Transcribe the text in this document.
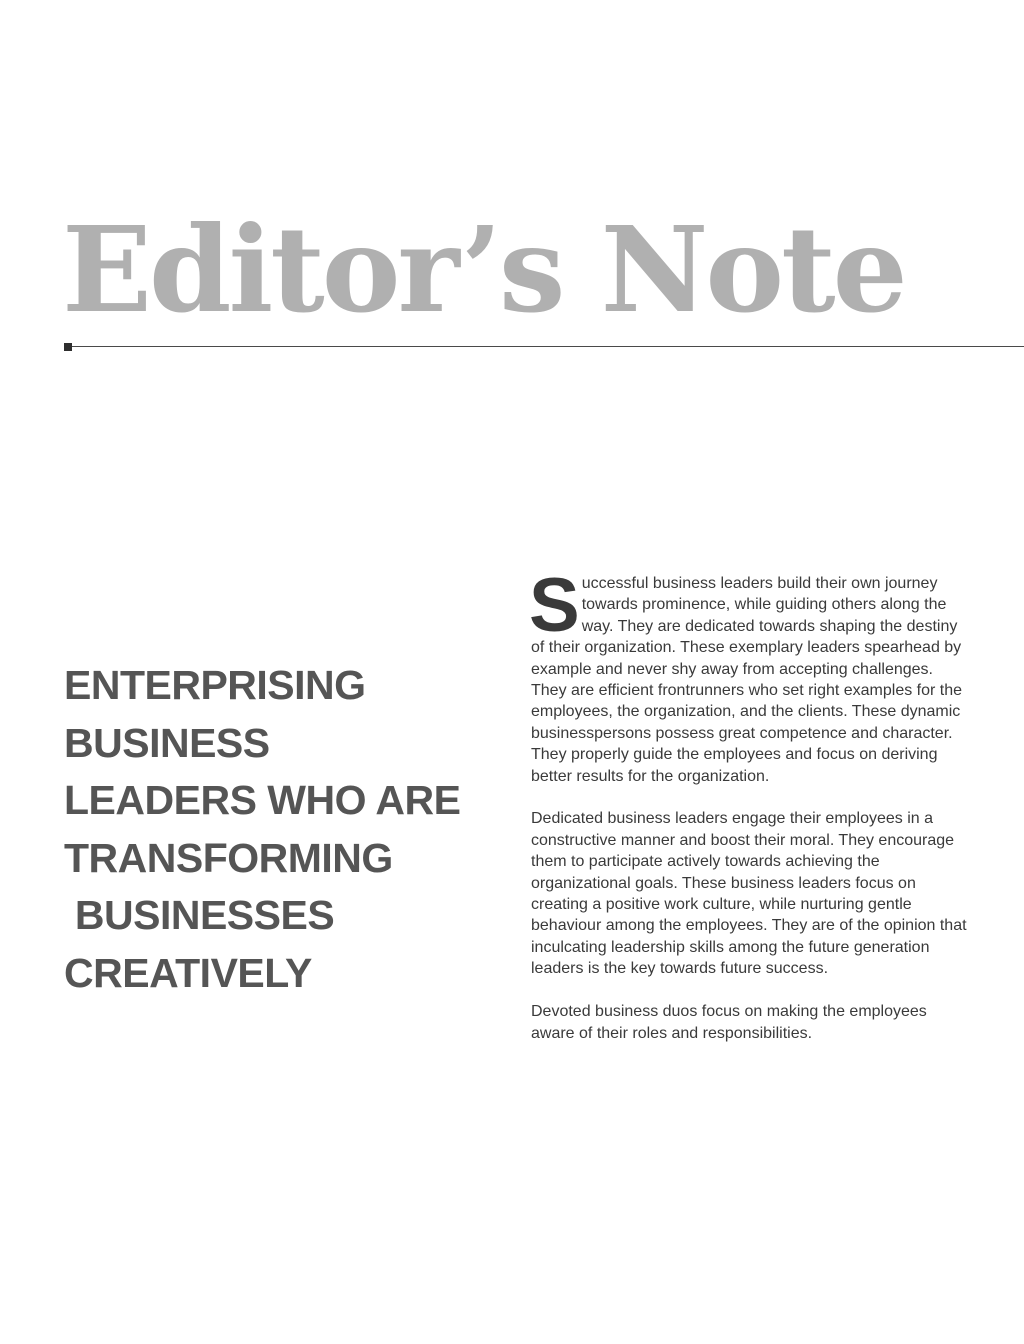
Editor’s Note
ENTERPRISING
BUSINESS
LEADERS WHO ARE
TRANSFORMING
BUSINESSES
CREATIVELY

Successful business leaders build their own journey towards prominence, while guiding others along the way. They are dedicated towards shaping the destiny of their organization. These exemplary leaders spearhead by example and never shy away from accepting challenges. They are efficient frontrunners who set right examples for the employees, the organization, and the clients. These dynamic businesspersons possess great competence and character. They properly guide the employees and focus on deriving better results for the organization.

Dedicated business leaders engage their employees in a constructive manner and boost their moral. They encourage them to participate actively towards achieving the organizational goals. These business leaders focus on creating a positive work culture, while nurturing gentle behaviour among the employees. They are of the opinion that inculcating leadership skills among the future generation leaders is the key towards future success.

Devoted business duos focus on making the employees aware of their roles and responsibilities.
